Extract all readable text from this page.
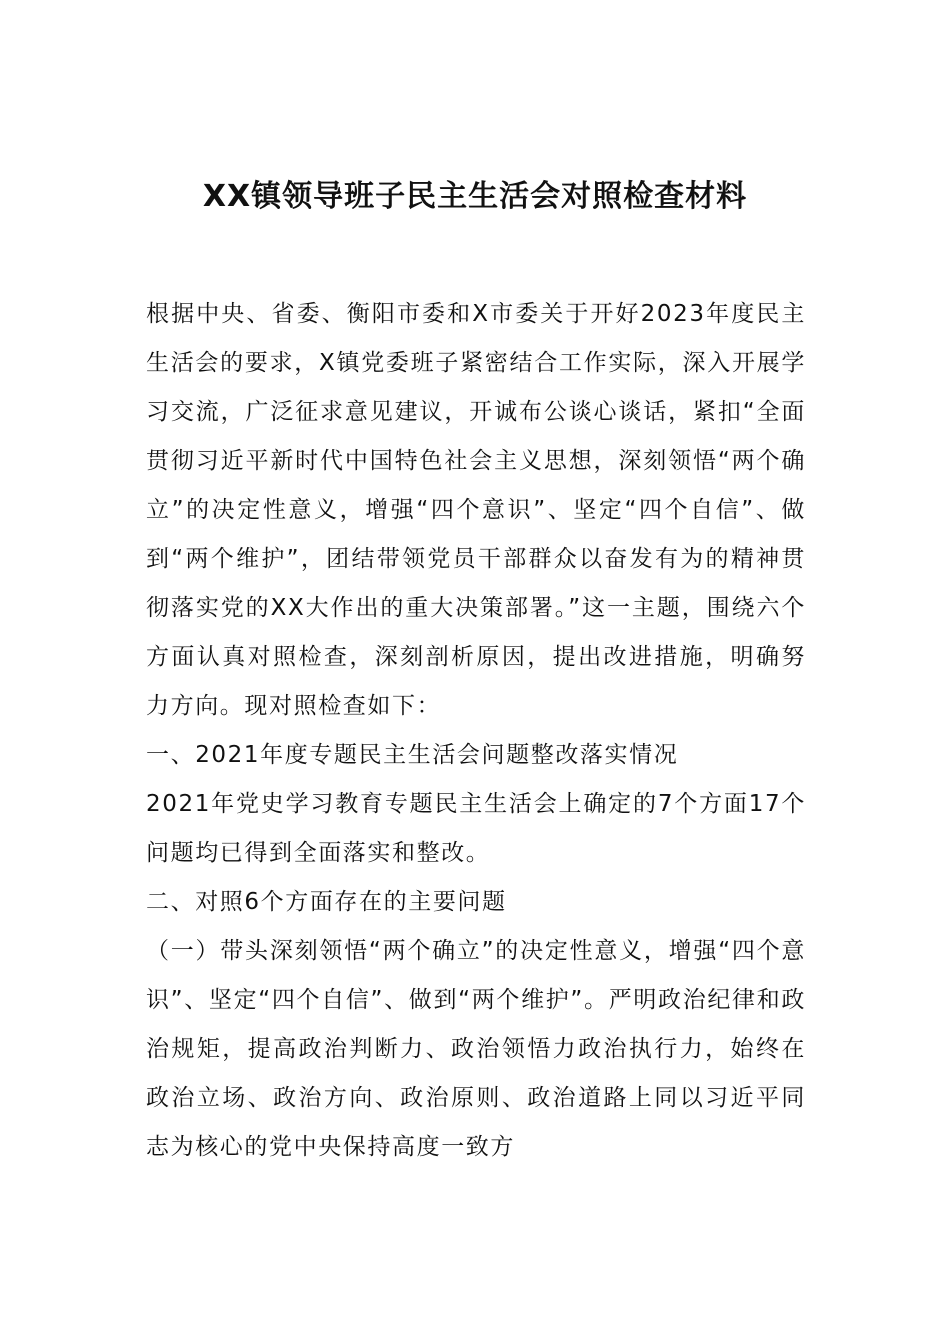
XX镇领导班子民主生活会对照检查材料

根据中央、省委、衡阳市委和X市委关于开好2023年度民主生活会的要求，X镇党委班子紧密结合工作实际，深入开展学习交流，广泛征求意见建议，开诚布公谈心谈话，紧扣“全面贯彻习近平新时代中国特色社会主义思想，深刻领悟“两个确立”的决定性意义，增强“四个意识”、坚定“四个自信”、做到“两个维护”，团结带领党员干部群众以奋发有为的精神贯彻落实党的XX大作出的重大决策部署。”这一主题，围绕六个方面认真对照检查，深刻剖析原因，提出改进措施，明确努力方向。现对照检查如下：

一、2021年度专题民主生活会问题整改落实情况

2021年党史学习教育专题民主生活会上确定的7个方面17个问题均已得到全面落实和整改。

二、对照6个方面存在的主要问题

（一）带头深刻领悟“两个确立”的决定性意义，增强“四个意识”、坚定“四个自信”、做到“两个维护”。严明政治纪律和政治规矩，提高政治判断力、政治领悟力政治执行力，始终在政治立场、政治方向、政治原则、政治道路上同以习近平同志为核心的党中央保持高度一致方
